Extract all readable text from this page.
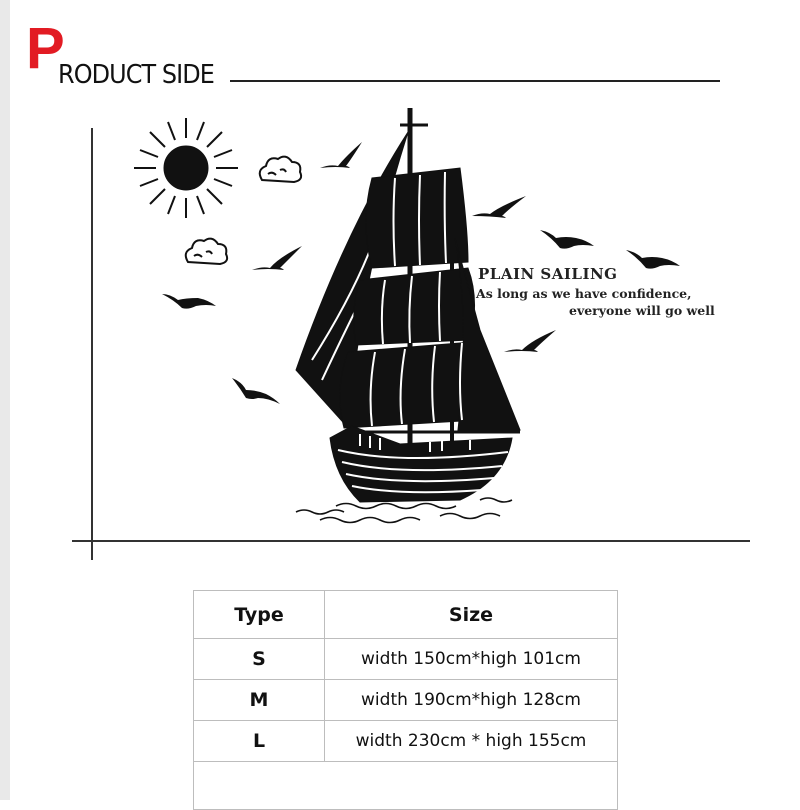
P
RODUCT SIDE
PLAIN SAILING
As long as we have confidence,
everyone will go well
Type	Size
S	width 150cm*high 101cm
M	width 190cm*high 128cm
L	width 230cm * high 155cm
